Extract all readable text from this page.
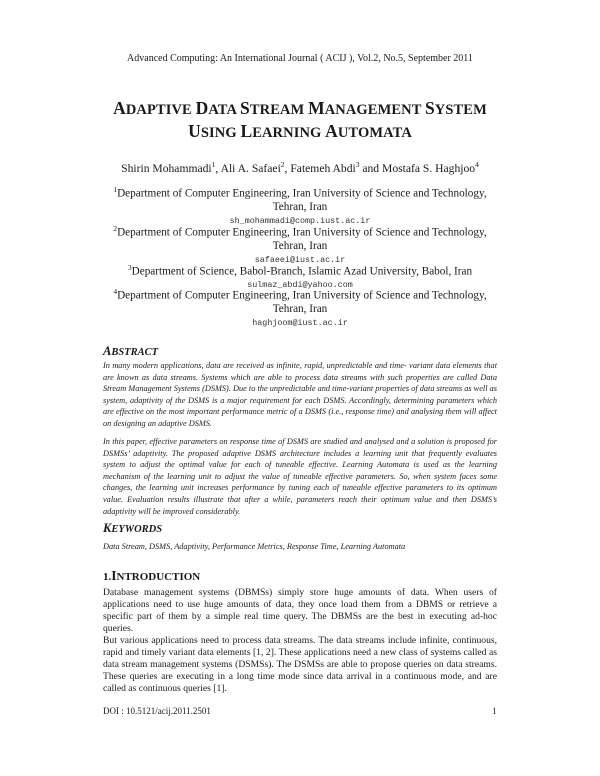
Advanced Computing: An International Journal ( ACIJ ), Vol.2, No.5, September 2011
ADAPTIVE DATA STREAM MANAGEMENT SYSTEM
USING LEARNING AUTOMATA
Shirin Mohammadi$^1$, Ali A. Safaei$^2$, Fatemeh Abdi$^3$ and Mostafa S. Haghjoo$^4$
$^1$Department of Computer Engineering, Iran University of Science and Technology,
Tehran, Iran
sh_mohammadi@comp.iust.ac.ir
$^2$Department of Computer Engineering, Iran University of Science and Technology,
Tehran, Iran
safaeei@iust.ac.ir
$^3$Department of Science, Babol-Branch, Islamic Azad University, Babol, Iran
sulmaz_abdi@yahoo.com
$^4$Department of Computer Engineering, Iran University of Science and Technology,
Tehran, Iran
haghjoom@iust.ac.ir
ABSTRACT
In many modern applications, data are received as infinite, rapid, unpredictable and time- variant data elements that are known as data streams. Systems which are able to process data streams with such properties are called Data Stream Management Systems (DSMS). Due to the unpredictable and time-variant properties of data streams as well as system, adaptivity of the DSMS is a major requirement for each DSMS. Accordingly, determining parameters which are effective on the most important performance metric of a DSMS (i.e., response time) and analysing them will affect on designing an adaptive DSMS.
In this paper, effective parameters on response time of DSMS are studied and analysed and a solution is proposed for DSMSs’ adaptivity. The proposed adaptive DSMS architecture includes a learning unit that frequently evaluates system to adjust the optimal value for each of tuneable effective. Learning Automata is used as the learning mechanism of the learning unit to adjust the value of tuneable effective parameters. So, when system faces some changes, the learning unit increases performance by tuning each of tuneable effective parameters to its optimum value. Evaluation results illustrate that after a while, parameters reach their optimum value and then DSMS’s adaptivity will be improved considerably.
KEYWORDS
Data Stream, DSMS, Adaptivity, Performance Metrics, Response Time, Learning Automata
1.INTRODUCTION
Database management systems (DBMSs) simply store huge amounts of data. When users of applications need to use huge amounts of data, they once load them from a DBMS or retrieve a specific part of them by a simple real time query. The DBMSs are the best in executing ad-hoc queries.
But various applications need to process data streams. The data streams include infinite, continuous, rapid and timely variant data elements [1, 2]. These applications need a new class of systems called as data stream management systems (DSMSs). The DSMSs are able to propose queries on data streams. These queries are executing in a long time mode since data arrival in a continuous mode, and are called as continuous queries [1].
DOI : 10.5121/acij.2011.2501	1
